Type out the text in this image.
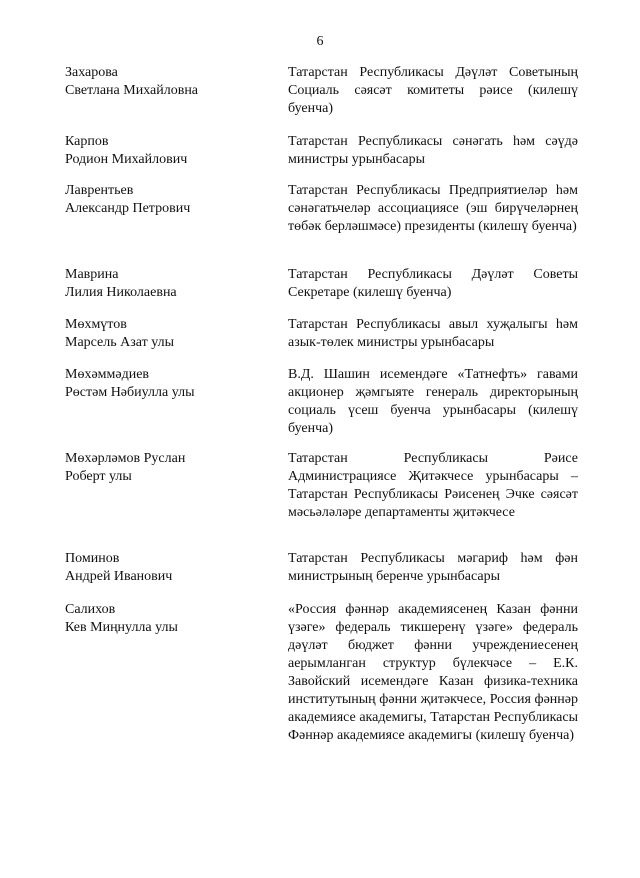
6
Захарова
Светлана Михайловна
Татарстан Республикасы Дәүләт Советының Социаль сәясәт комитеты рәисе (килешү буенча)
Карпов
Родион Михайлович
Татарстан Республикасы сәнәгать һәм сәүдә министры урынбасары
Лаврентьев
Александр Петрович
Татарстан Республикасы Предприятиеләр һәм сәнәгатьчеләр ассоциациясе (эш бирүчеләрнең төбәк берләшмәсе) президенты (килешү буенча)
Маврина
Лилия Николаевна
Татарстан Республикасы Дәүләт Советы Секретаре (килешү буенча)
Мөхмүтов
Марсель Азат улы
Татарстан Республикасы авыл хуҗалыгы һәм азык-төлек министры урынбасары
Мөхәммәдиев
Рөстәм Нәбиулла улы
В.Д. Шашин исемендәге «Татнефть» гавами акционер җәмгыяте генераль директорының социаль үсеш буенча урынбасары (килешү буенча)
Мөхәрләмов Руслан
Роберт улы
Татарстан Республикасы Рәисе Администрациясе Җитәкчесе урынбасары – Татарстан Республикасы Рәисенең Эчке сәясәт мәсьәләләре департаменты җитәкчесе
Поминов
Андрей Иванович
Татарстан Республикасы мәгариф һәм фән министрының беренче урынбасары
Салихов
Кев Миңнулла улы
«Россия фәннәр академиясенең Казан фәнни үзәге» федераль тикшеренү үзәге» федераль дәүләт бюджет фәнни учреждениесенең аерымланган структур бүлекчәсе – Е.К. Завойский исемендәге Казан физика-техника институтының фәнни җитәкчесе, Россия фәннәр академиясе академигы, Татарстан Республикасы Фәннәр академиясе академигы (килешү буенча)
